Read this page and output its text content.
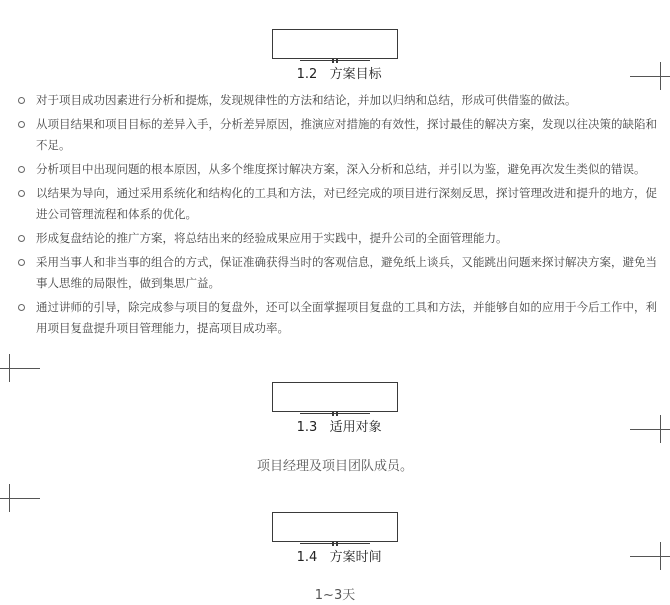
1.2   方案目标

对于项目成功因素进行分析和提炼，发现规律性的方法和结论，并加以归纳和总结，形成可供借鉴的做法。
从项目结果和项目目标的差异入手，分析差异原因，推演应对措施的有效性，探讨最佳的解决方案，发现以往决策的缺陷和不足。
分析项目中出现问题的根本原因，从多个维度探讨解决方案，深入分析和总结，并引以为鉴，避免再次发生类似的错误。
以结果为导向，通过采用系统化和结构化的工具和方法，对已经完成的项目进行深刻反思，探讨管理改进和提升的地方，促进公司管理流程和体系的优化。
形成复盘结论的推广方案，将总结出来的经验成果应用于实践中，提升公司的全面管理能力。
采用当事人和非当事的组合的方式，保证准确获得当时的客观信息，避免纸上谈兵，又能跳出问题来探讨解决方案，避免当事人思维的局限性，做到集思广益。
通过讲师的引导，除完成参与项目的复盘外，还可以全面掌握项目复盘的工具和方法，并能够自如的应用于今后工作中，利用项目复盘提升项目管理能力，提高项目成功率。

1.3   适用对象

项目经理及项目团队成员。

1.4   方案时间

1~3天
